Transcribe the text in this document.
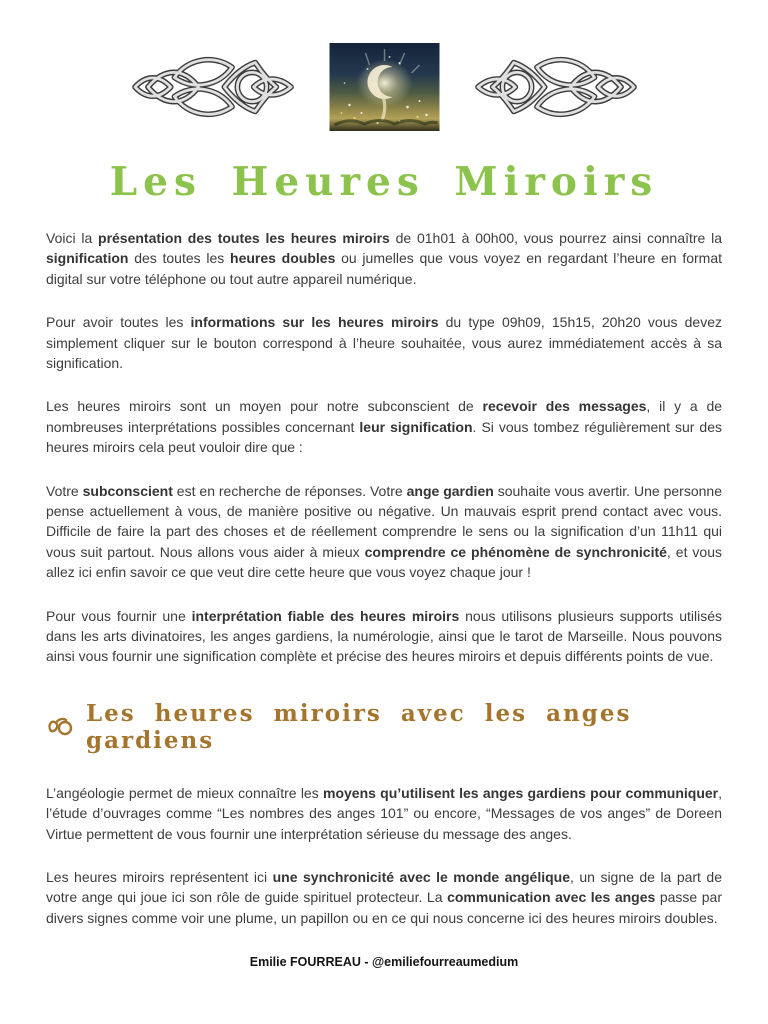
Les Heures Miroirs

Voici la présentation des toutes les heures miroirs de 01h01 à 00h00, vous pourrez ainsi connaître la signification des toutes les heures doubles ou jumelles que vous voyez en regardant l’heure en format digital sur votre téléphone ou tout autre appareil numérique.

Pour avoir toutes les informations sur les heures miroirs du type 09h09, 15h15, 20h20 vous devez simplement cliquer sur le bouton correspond à l’heure souhaitée, vous aurez immédiatement accès à sa signification.

Les heures miroirs sont un moyen pour notre subconscient de recevoir des messages, il y a de nombreuses interprétations possibles concernant leur signification. Si vous tombez régulièrement sur des heures miroirs cela peut vouloir dire que :

Votre subconscient est en recherche de réponses. Votre ange gardien souhaite vous avertir. Une personne pense actuellement à vous, de manière positive ou négative. Un mauvais esprit prend contact avec vous. Difficile de faire la part des choses et de réellement comprendre le sens ou la signification d’un 11h11 qui vous suit partout. Nous allons vous aider à mieux comprendre ce phénomène de synchronicité, et vous allez ici enfin savoir ce que veut dire cette heure que vous voyez chaque jour !

Pour vous fournir une interprétation fiable des heures miroirs nous utilisons plusieurs supports utilisés dans les arts divinatoires, les anges gardiens, la numérologie, ainsi que le tarot de Marseille. Nous pouvons ainsi vous fournir une signification complète et précise des heures miroirs et depuis différents points de vue.

Les heures miroirs avec les anges gardiens

L’angéologie permet de mieux connaître les moyens qu’utilisent les anges gardiens pour communiquer, l’étude d’ouvrages comme “Les nombres des anges 101” ou encore, “Messages de vos anges” de Doreen Virtue permettent de vous fournir une interprétation sérieuse du message des anges.

Les heures miroirs représentent ici une synchronicité avec le monde angélique, un signe de la part de votre ange qui joue ici son rôle de guide spirituel protecteur. La communication avec les anges passe par divers signes comme voir une plume, un papillon ou en ce qui nous concerne ici des heures miroirs doubles.

Emilie FOURREAU - @emiliefourreaumedium
